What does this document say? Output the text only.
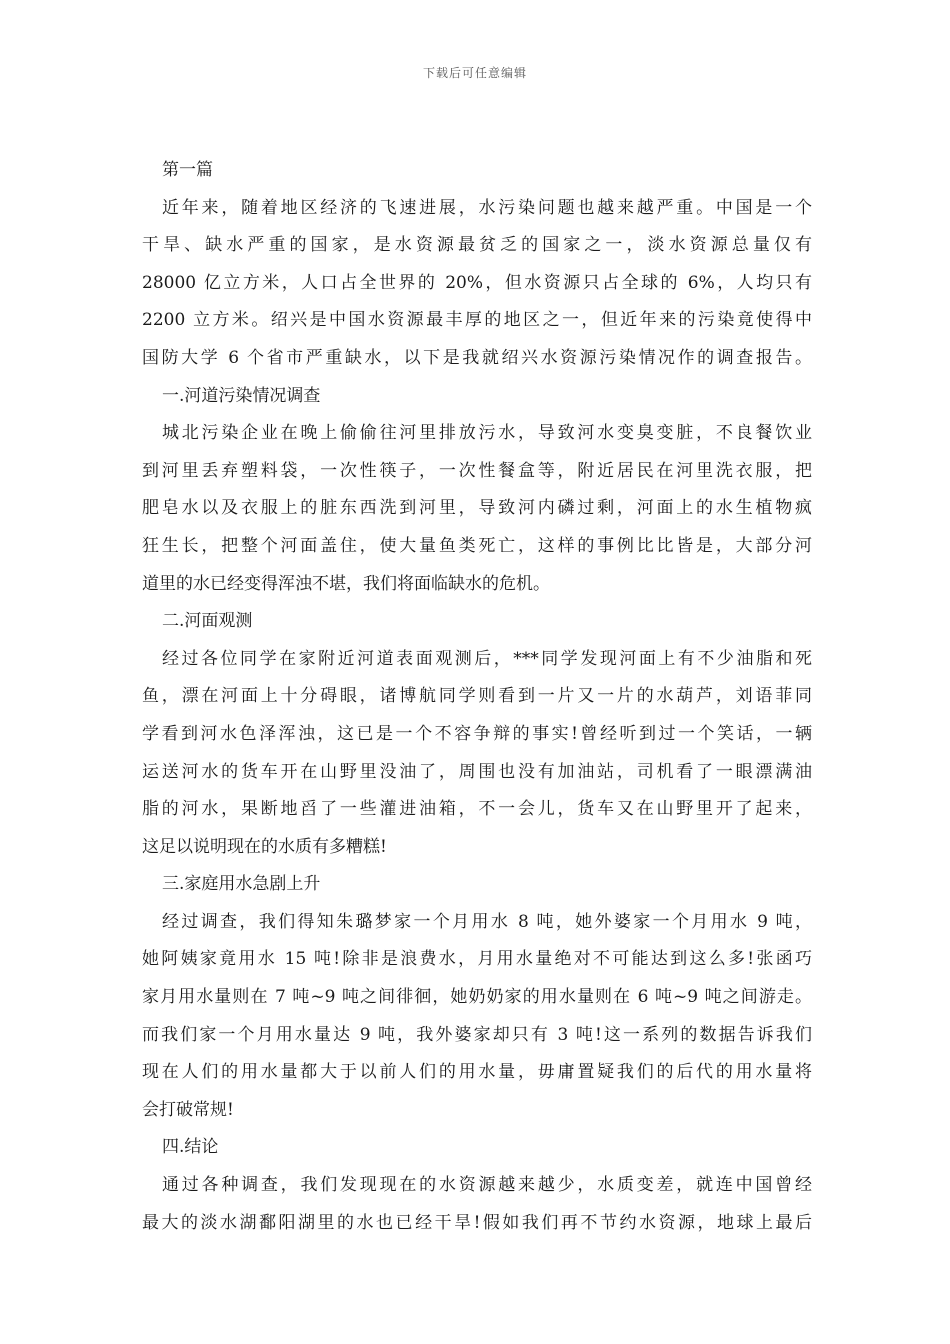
下载后可任意编辑
第一篇
近年来，随着地区经济的飞速进展，水污染问题也越来越严重。中国是一个
干旱、缺水严重的国家，是水资源最贫乏的国家之一，淡水资源总量仅有
28000 亿立方米，人口占全世界的 20%，但水资源只占全球的 6%，人均只有
2200 立方米。绍兴是中国水资源最丰厚的地区之一，但近年来的污染竟使得中
国防大学 6 个省市严重缺水，以下是我就绍兴水资源污染情况作的调查报告。
一.河道污染情况调查
城北污染企业在晚上偷偷往河里排放污水，导致河水变臭变脏，不良餐饮业
到河里丢弃塑料袋，一次性筷子，一次性餐盒等，附近居民在河里洗衣服，把
肥皂水以及衣服上的脏东西洗到河里，导致河内磷过剩，河面上的水生植物疯
狂生长，把整个河面盖住，使大量鱼类死亡，这样的事例比比皆是，大部分河
道里的水已经变得浑浊不堪，我们将面临缺水的危机。
二.河面观测
经过各位同学在家附近河道表面观测后，***同学发现河面上有不少油脂和死
鱼，漂在河面上十分碍眼，诸博航同学则看到一片又一片的水葫芦，刘语菲同
学看到河水色泽浑浊，这已是一个不容争辩的事实!曾经听到过一个笑话，一辆
运送河水的货车开在山野里没油了，周围也没有加油站，司机看了一眼漂满油
脂的河水，果断地舀了一些灌进油箱，不一会儿，货车又在山野里开了起来，
这足以说明现在的水质有多糟糕!
三.家庭用水急剧上升
经过调查，我们得知朱璐梦家一个月用水 8 吨，她外婆家一个月用水 9 吨，
她阿姨家竟用水 15 吨!除非是浪费水，月用水量绝对不可能达到这么多!张函巧
家月用水量则在 7 吨~9 吨之间徘徊，她奶奶家的用水量则在 6 吨~9 吨之间游走。
而我们家一个月用水量达 9 吨，我外婆家却只有 3 吨!这一系列的数据告诉我们
现在人们的用水量都大于以前人们的用水量，毋庸置疑我们的后代的用水量将
会打破常规!
四.结论
通过各种调查，我们发现现在的水资源越来越少，水质变差，就连中国曾经
最大的淡水湖鄱阳湖里的水也已经干旱!假如我们再不节约水资源，地球上最后
